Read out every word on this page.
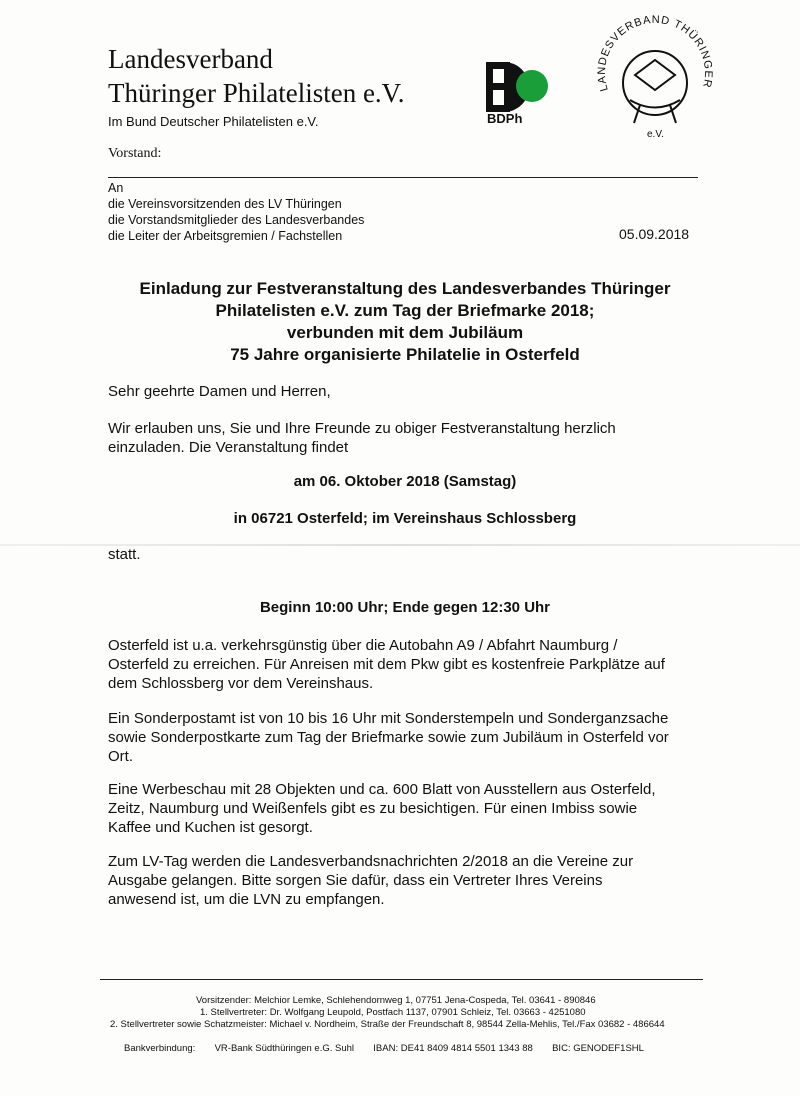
Landesverband
Thüringer Philatelisten e.V.
Im Bund Deutscher Philatelisten e.V.
Vorstand:
BDPh
LANDESVERBAND THÜRINGER
e.V.
An
die Vereinsvorsitzenden des LV Thüringen
die Vorstandsmitglieder des Landesverbandes
die Leiter der Arbeitsgremien / Fachstellen	05.09.2018
Einladung zur Festveranstaltung des Landesverbandes Thüringer
Philatelisten e.V. zum Tag der Briefmarke 2018;
verbunden mit dem Jubiläum
75 Jahre organisierte Philatelie in Osterfeld
Sehr geehrte Damen und Herren,
Wir erlauben uns, Sie und Ihre Freunde zu obiger Festveranstaltung herzlich
einzuladen. Die Veranstaltung findet
am 06. Oktober 2018 (Samstag)
in 06721 Osterfeld; im Vereinshaus Schlossberg
statt.
Beginn 10:00 Uhr; Ende gegen 12:30 Uhr
Osterfeld ist u.a. verkehrsgünstig über die Autobahn A9 / Abfahrt Naumburg /
Osterfeld zu erreichen. Für Anreisen mit dem Pkw gibt es kostenfreie Parkplätze auf
dem Schlossberg vor dem Vereinshaus.
Ein Sonderpostamt ist von 10 bis 16 Uhr mit Sonderstempeln und Sonderganzsache
sowie Sonderpostkarte zum Tag der Briefmarke sowie zum Jubiläum in Osterfeld vor
Ort.
Eine Werbeschau mit 28 Objekten und ca. 600 Blatt von Ausstellern aus Osterfeld,
Zeitz, Naumburg und Weißenfels gibt es zu besichtigen. Für einen Imbiss sowie
Kaffee und Kuchen ist gesorgt.
Zum LV-Tag werden die Landesverbandsnachrichten 2/2018 an die Vereine zur
Ausgabe gelangen. Bitte sorgen Sie dafür, dass ein Vertreter Ihres Vereins
anwesend ist, um die LVN zu empfangen.
Vorsitzender: Melchior Lemke, Schlehendornweg 1, 07751 Jena-Cospeda, Tel. 03641 - 890846
1. Stellvertreter: Dr. Wolfgang Leupold, Postfach 1137, 07901 Schleiz, Tel. 03663 - 4251080
2. Stellvertreter sowie Schatzmeister: Michael v. Nordheim, Straße der Freundschaft 8, 98544 Zella-Mehlis, Tel./Fax 03682 - 486644
Bankverbindung: VR-Bank Südthüringen e.G. Suhl IBAN: DE41 8409 4814 5501 1343 88 BIC: GENODEF1SHL
